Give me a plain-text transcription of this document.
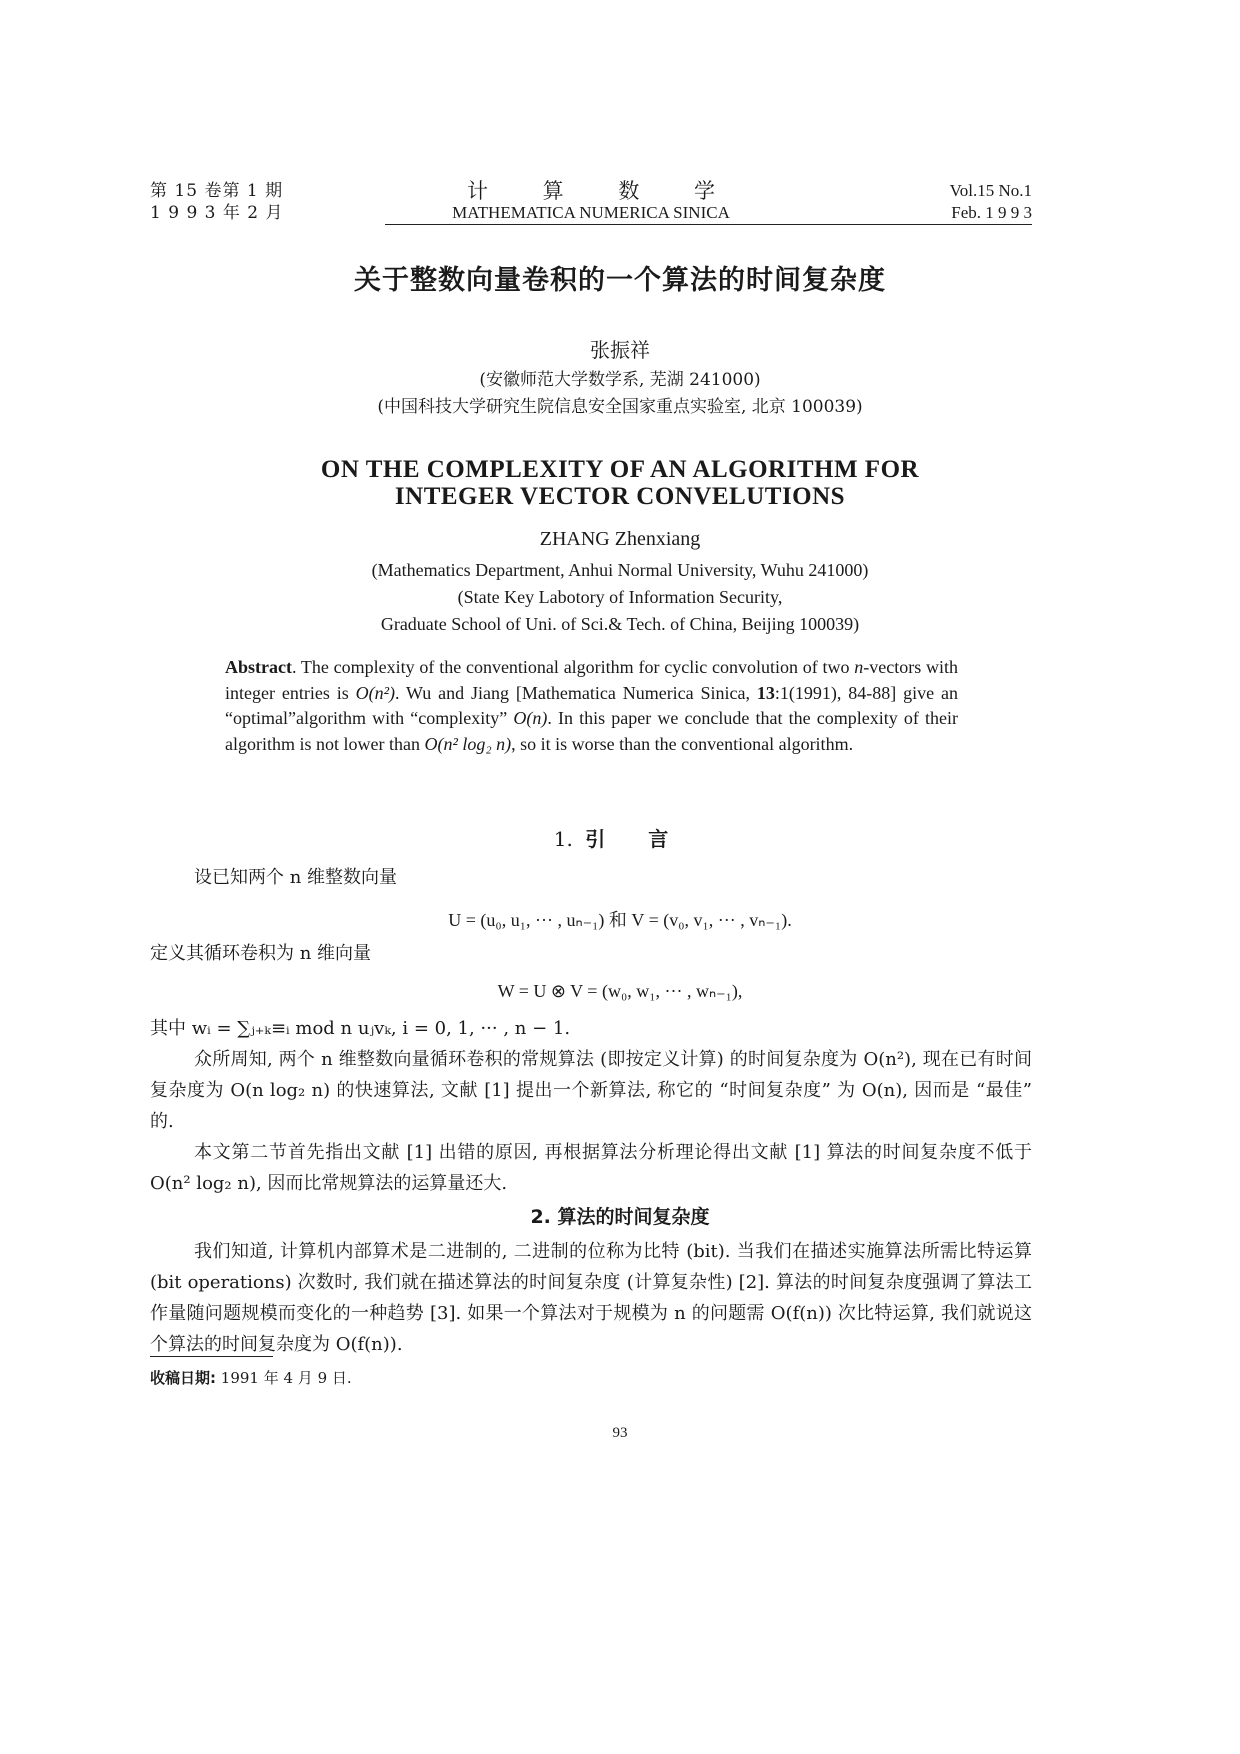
第 15 卷第 1 期
1 9 9 3 年 2 月
计 算 数 学
MATHEMATICA NUMERICA SINICA
Vol.15 No.1
Feb. 1 9 9 3
关于整数向量卷积的一个算法的时间复杂度
张振祥
(安徽师范大学数学系, 芜湖 241000)
(中国科技大学研究生院信息安全国家重点实验室, 北京 100039)
ON THE COMPLEXITY OF AN ALGORITHM FOR
INTEGER VECTOR CONVELUTIONS
ZHANG Zhenxiang
(Mathematics Department, Anhui Normal University, Wuhu 241000)
(State Key Labotory of Information Security,
Graduate School of Uni. of Sci.& Tech. of China, Beijing 100039)
Abstract. The complexity of the conventional algorithm for cyclic convolution of two n-vectors with integer entries is O(n²). Wu and Jiang [Mathematica Numerica Sinica, 13:1(1991), 84-88] give an “optimal”algorithm with “complexity” O(n). In this paper we conclude that the complexity of their algorithm is not lower than O(n² log₂ n), so it is worse than the conventional algorithm.
1. 引 言
设已知两个 n 维整数向量
U = (u₀, u₁, ··· , uₙ₋₁) 和 V = (v₀, v₁, ··· , vₙ₋₁).
定义其循环卷积为 n 维向量
W = U ⊗ V = (w₀, w₁, ··· , wₙ₋₁),
其中 wᵢ = ∑ⱼ₊ₖ≡ᵢ mod n uⱼvₖ, i = 0, 1, ··· , n − 1.
众所周知, 两个 n 维整数向量循环卷积的常规算法 (即按定义计算) 的时间复杂度为 O(n²), 现在已有时间复杂度为 O(n log₂ n) 的快速算法, 文献 [1] 提出一个新算法, 称它的 “时间复杂度” 为 O(n), 因而是 “最佳” 的.
本文第二节首先指出文献 [1] 出错的原因, 再根据算法分析理论得出文献 [1] 算法的时间复杂度不低于 O(n² log₂ n), 因而比常规算法的运算量还大.
2. 算法的时间复杂度
我们知道, 计算机内部算术是二进制的, 二进制的位称为比特 (bit). 当我们在描述实施算法所需比特运算 (bit operations) 次数时, 我们就在描述算法的时间复杂度 (计算复杂性) [2]. 算法的时间复杂度强调了算法工作量随问题规模而变化的一种趋势 [3]. 如果一个算法对于规模为 n 的问题需 O(f(n)) 次比特运算, 我们就说这个算法的时间复杂度为 O(f(n)).
收稿日期: 1991 年 4 月 9 日.
93
